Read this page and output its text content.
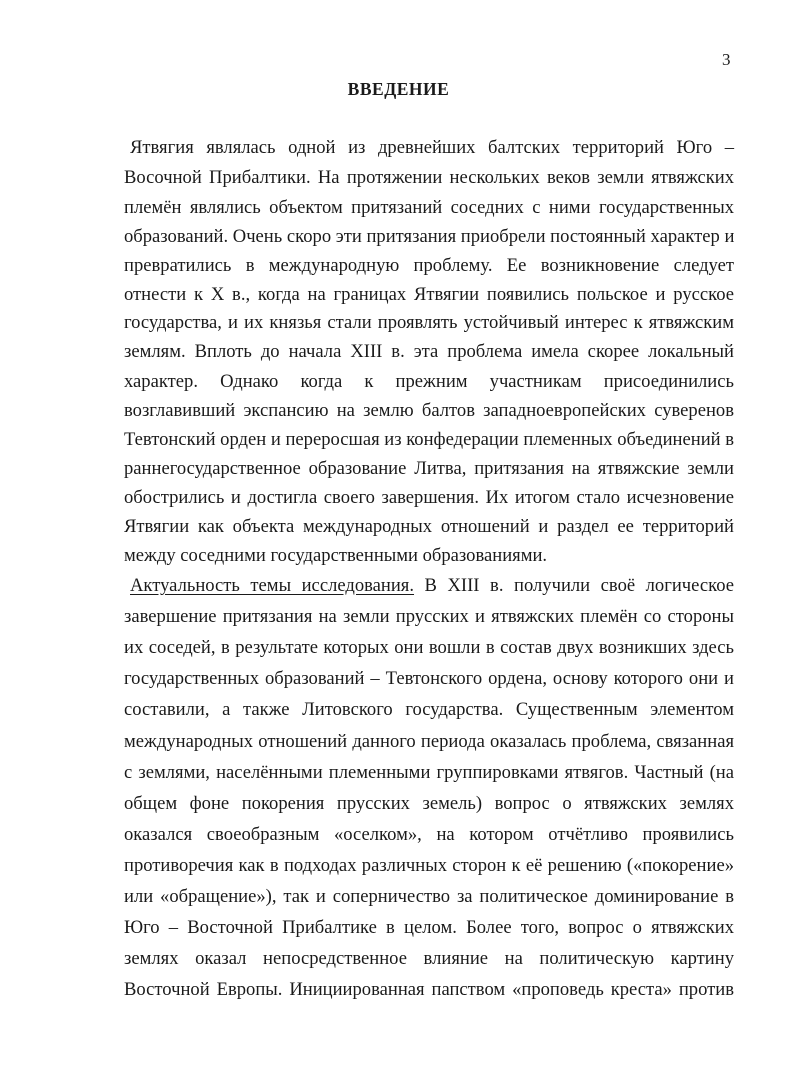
3
ВВЕДЕНИЕ
Ятвягия являлась одной из древнейших балтских территорий Юго –
Восочной Прибалтики. На протяжении нескольких веков земли ятвяжских
племён являлись объектом притязаний соседних с ними государственных
образований. Очень скоро эти притязания приобрели постоянный характер и
превратились в международную проблему. Ее возникновение следует
отнести к X в., когда на границах Ятвягии появились польское и русское
государства, и их князья стали проявлять устойчивый интерес к ятвяжским
землям. Вплоть до начала XIII в. эта проблема имела скорее локальный
характер. Однако когда к прежним участникам присоединились
возглавивший экспансию на землю балтов западноевропейских суверенов
Тевтонский орден и переросшая из конфедерации племенных объединений в
раннегосударственное образование Литва, притязания на ятвяжские земли
обострились и достигла своего завершения. Их итогом стало исчезновение
Ятвягии как объекта международных отношений и раздел ее территорий
между соседними государственными образованиями.
Актуальность темы исследования. В XIII в. получили своё логическое
завершение притязания на земли прусских и ятвяжских племён со стороны
их соседей, в результате которых они вошли в состав двух возникших здесь
государственных образований – Тевтонского ордена, основу которого они и
составили, а также Литовского государства. Существенным элементом
международных отношений данного периода оказалась проблема, связанная
с землями, населёнными племенными группировками ятвягов. Частный (на
общем фоне покорения прусских земель) вопрос о ятвяжских землях
оказался своеобразным «оселком», на котором отчётливо проявились
противоречия как в подходах различных сторон к её решению («покорение»
или «обращение»), так и соперничество за политическое доминирование в
Юго – Восточной Прибалтике в целом. Более того, вопрос о ятвяжских
землях оказал непосредственное влияние на политическую картину
Восточной Европы. Инициированная папством «проповедь креста» против
